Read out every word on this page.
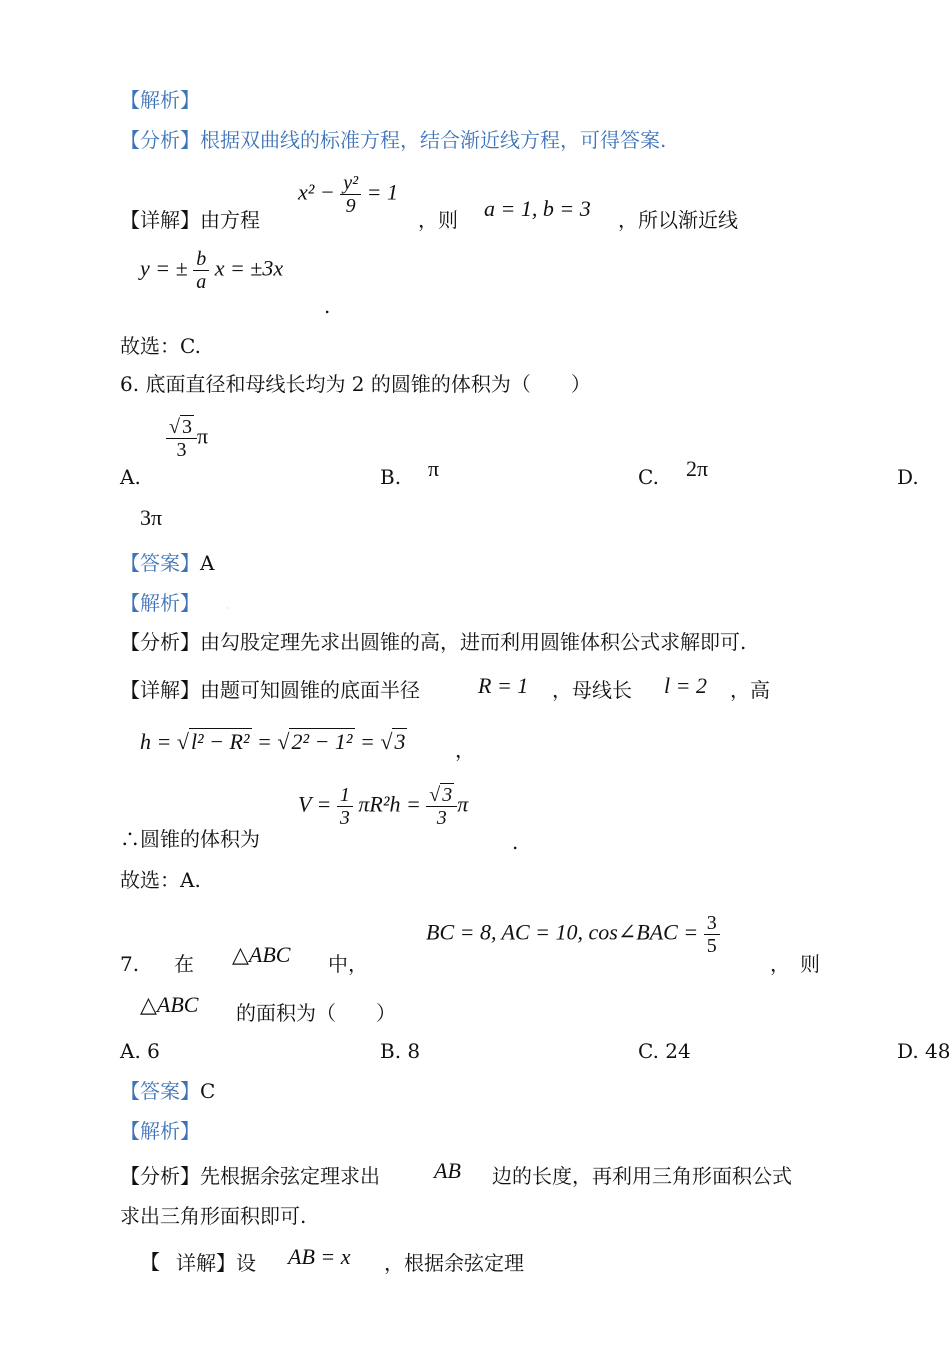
【解析】
【分析】根据双曲线的标准方程，结合渐近线方程，可得答案.
【详解】由方程
$x^2 - \frac{\text{y²}}{9} = 1$
，则 a = 1, b = 3 ，所以渐近线
y = ± $\frac{b}{a}$ x = ±3x
.
故选：C.
6. 底面直径和母线长均为 2 的圆锥的体积为（　　）
A.
$\frac{√ 3}{3}$ π
B. π	C. 2π	D.
3π
【答案】A
【解析】	·
【分析】由勾股定理先求出圆锥的高，进而利用圆锥体积公式求解即可.
【详解】由题可知圆锥的底面半径	R = 1 ，母线长 l = 2 ，高
h = √l² − R² = √2² − 1² = √3 ，
∴圆锥的体积为
$V = \frac{1}{3} \pi R^2h = \frac{√ 3}{3}$ π
.
故选：A.
7. 在 △ABC 中，
BC = 8, AC = 10, cos∠BAC = $\frac{3}{5}$
，　则
△ABC 的面积为（　　）
A. 6	B. 8	C. 24	D. 48
【答案】C
【解析】
【分析】先根据余弦定理求出 AB 边的长度，再利用三角形面积公式
求出三角形面积即可.
【 详解】设 AB = x ，根据余弦定理
